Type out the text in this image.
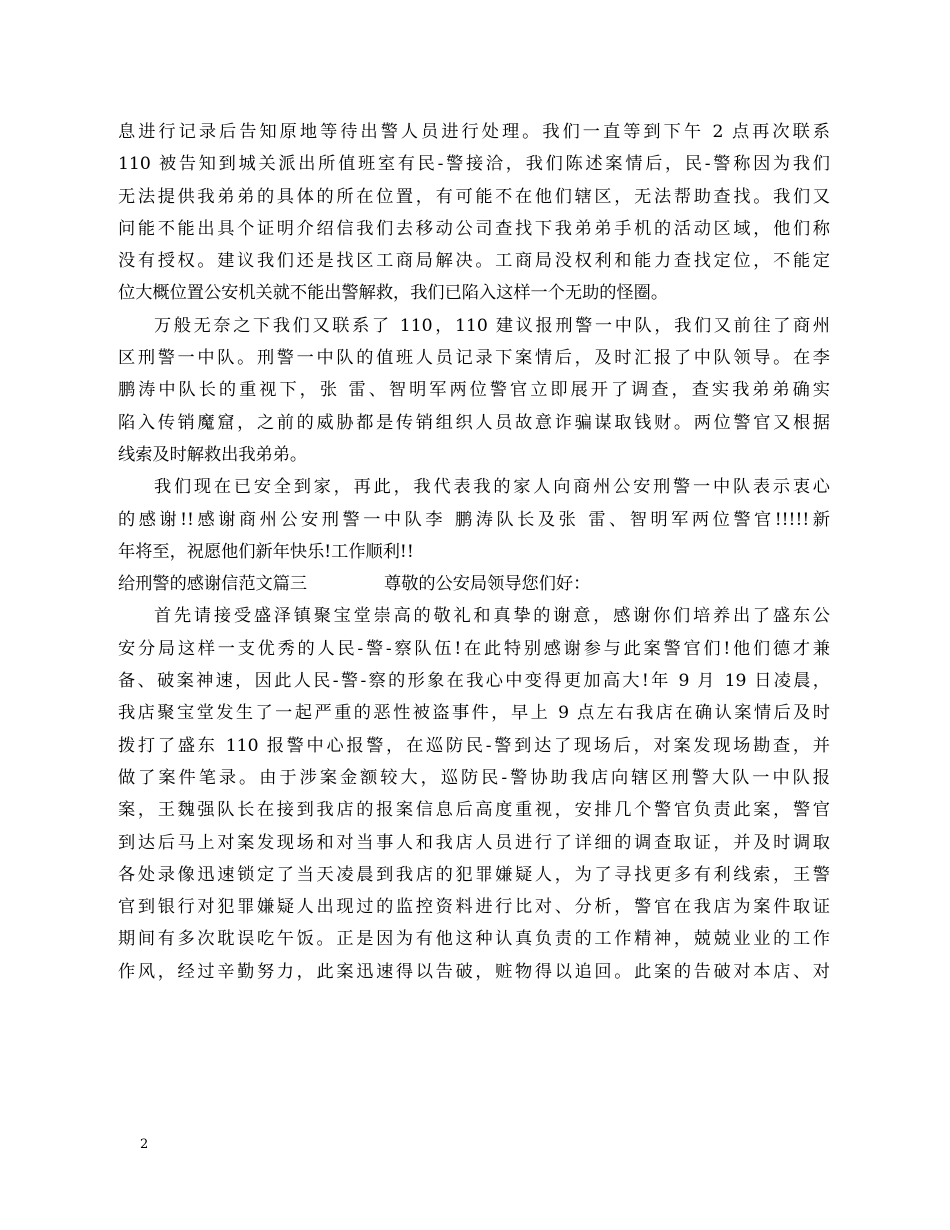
息进行记录后告知原地等待出警人员进行处理。我们一直等到下午 2 点再次联系
110 被告知到城关派出所值班室有民-警接洽，我们陈述案情后，民-警称因为我们
无法提供我弟弟的具体的所在位置，有可能不在他们辖区，无法帮助查找。我们又
问能不能出具个证明介绍信我们去移动公司查找下我弟弟手机的活动区域，他们称
没有授权。建议我们还是找区工商局解决。工商局没权利和能力查找定位，不能定
位大概位置公安机关就不能出警解救，我们已陷入这样一个无助的怪圈。
万般无奈之下我们又联系了 110，110 建议报刑警一中队，我们又前往了商州
区刑警一中队。刑警一中队的值班人员记录下案情后，及时汇报了中队领导。在李
鹏涛中队长的重视下，张 雷、智明军两位警官立即展开了调查，查实我弟弟确实
陷入传销魔窟，之前的威胁都是传销组织人员故意诈骗谋取钱财。两位警官又根据
线索及时解救出我弟弟。
我们现在已安全到家，再此，我代表我的家人向商州公安刑警一中队表示衷心
的感谢!!感谢商州公安刑警一中队李 鹏涛队长及张 雷、智明军两位警官!!!!!新
年将至，祝愿他们新年快乐!工作顺利!!
给刑警的感谢信范文篇三	尊敬的公安局领导您们好：
首先请接受盛泽镇聚宝堂崇高的敬礼和真挚的谢意，感谢你们培养出了盛东公
安分局这样一支优秀的人民-警-察队伍!在此特别感谢参与此案警官们!他们德才兼
备、破案神速，因此人民-警-察的形象在我心中变得更加高大!年 9 月 19 日凌晨，
我店聚宝堂发生了一起严重的恶性被盗事件，早上 9 点左右我店在确认案情后及时
拨打了盛东 110 报警中心报警，在巡防民-警到达了现场后，对案发现场勘查，并
做了案件笔录。由于涉案金额较大，巡防民-警协助我店向辖区刑警大队一中队报
案，王魏强队长在接到我店的报案信息后高度重视，安排几个警官负责此案，警官
到达后马上对案发现场和对当事人和我店人员进行了详细的调查取证，并及时调取
各处录像迅速锁定了当天凌晨到我店的犯罪嫌疑人，为了寻找更多有利线索，王警
官到银行对犯罪嫌疑人出现过的监控资料进行比对、分析，警官在我店为案件取证
期间有多次耽误吃午饭。正是因为有他这种认真负责的工作精神，兢兢业业的工作
作风，经过辛勤努力，此案迅速得以告破，赃物得以追回。此案的告破对本店、对
2
